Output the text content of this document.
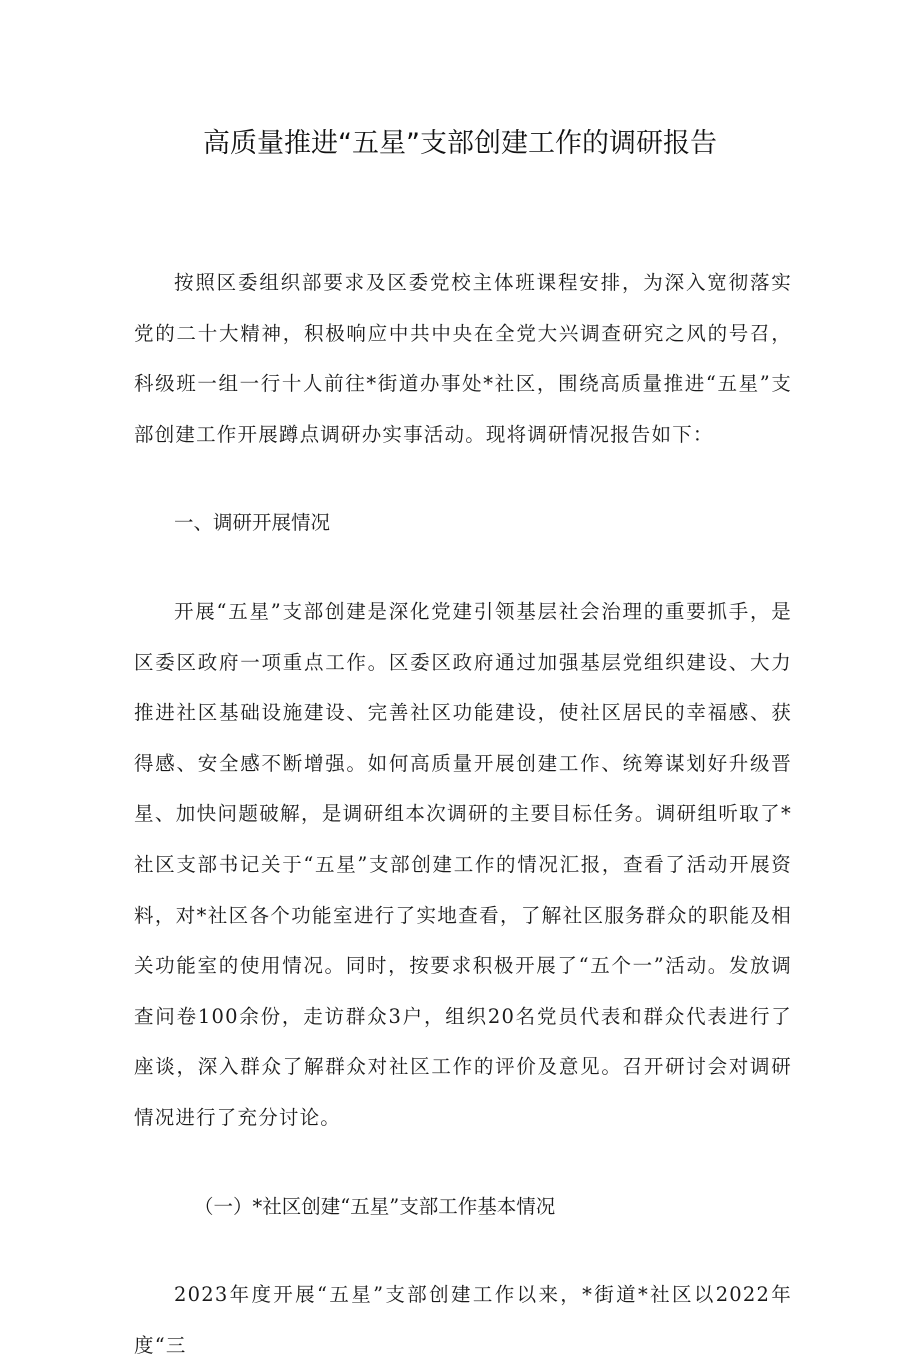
高质量推进“五星”支部创建工作的调研报告

按照区委组织部要求及区委党校主体班课程安排，为深入宽彻落实党的二十大精神，积极响应中共中央在全党大兴调查研究之风的号召，科级班一组一行十人前往*街道办事处*社区，围绕高质量推进“五星”支部创建工作开展蹲点调研办实事活动。现将调研情况报告如下：

一、调研开展情况

开展“五星”支部创建是深化党建引领基层社会治理的重要抓手，是区委区政府一项重点工作。区委区政府通过加强基层党组织建设、大力推进社区基础设施建设、完善社区功能建设，使社区居民的幸福感、获得感、安全感不断增强。如何高质量开展创建工作、统筹谋划好升级晋星、加快问题破解，是调研组本次调研的主要目标任务。调研组听取了*社区支部书记关于“五星”支部创建工作的情况汇报，查看了活动开展资料，对*社区各个功能室进行了实地查看，了解社区服务群众的职能及相关功能室的使用情况。同时，按要求积极开展了“五个一”活动。发放调查问卷100余份，走访群众3户，组织20名党员代表和群众代表进行了座谈，深入群众了解群众对社区工作的评价及意见。召开研讨会对调研情况进行了充分讨论。

（一）*社区创建“五星”支部工作基本情况

2023年度开展“五星”支部创建工作以来，*街道*社区以2022年度“三
